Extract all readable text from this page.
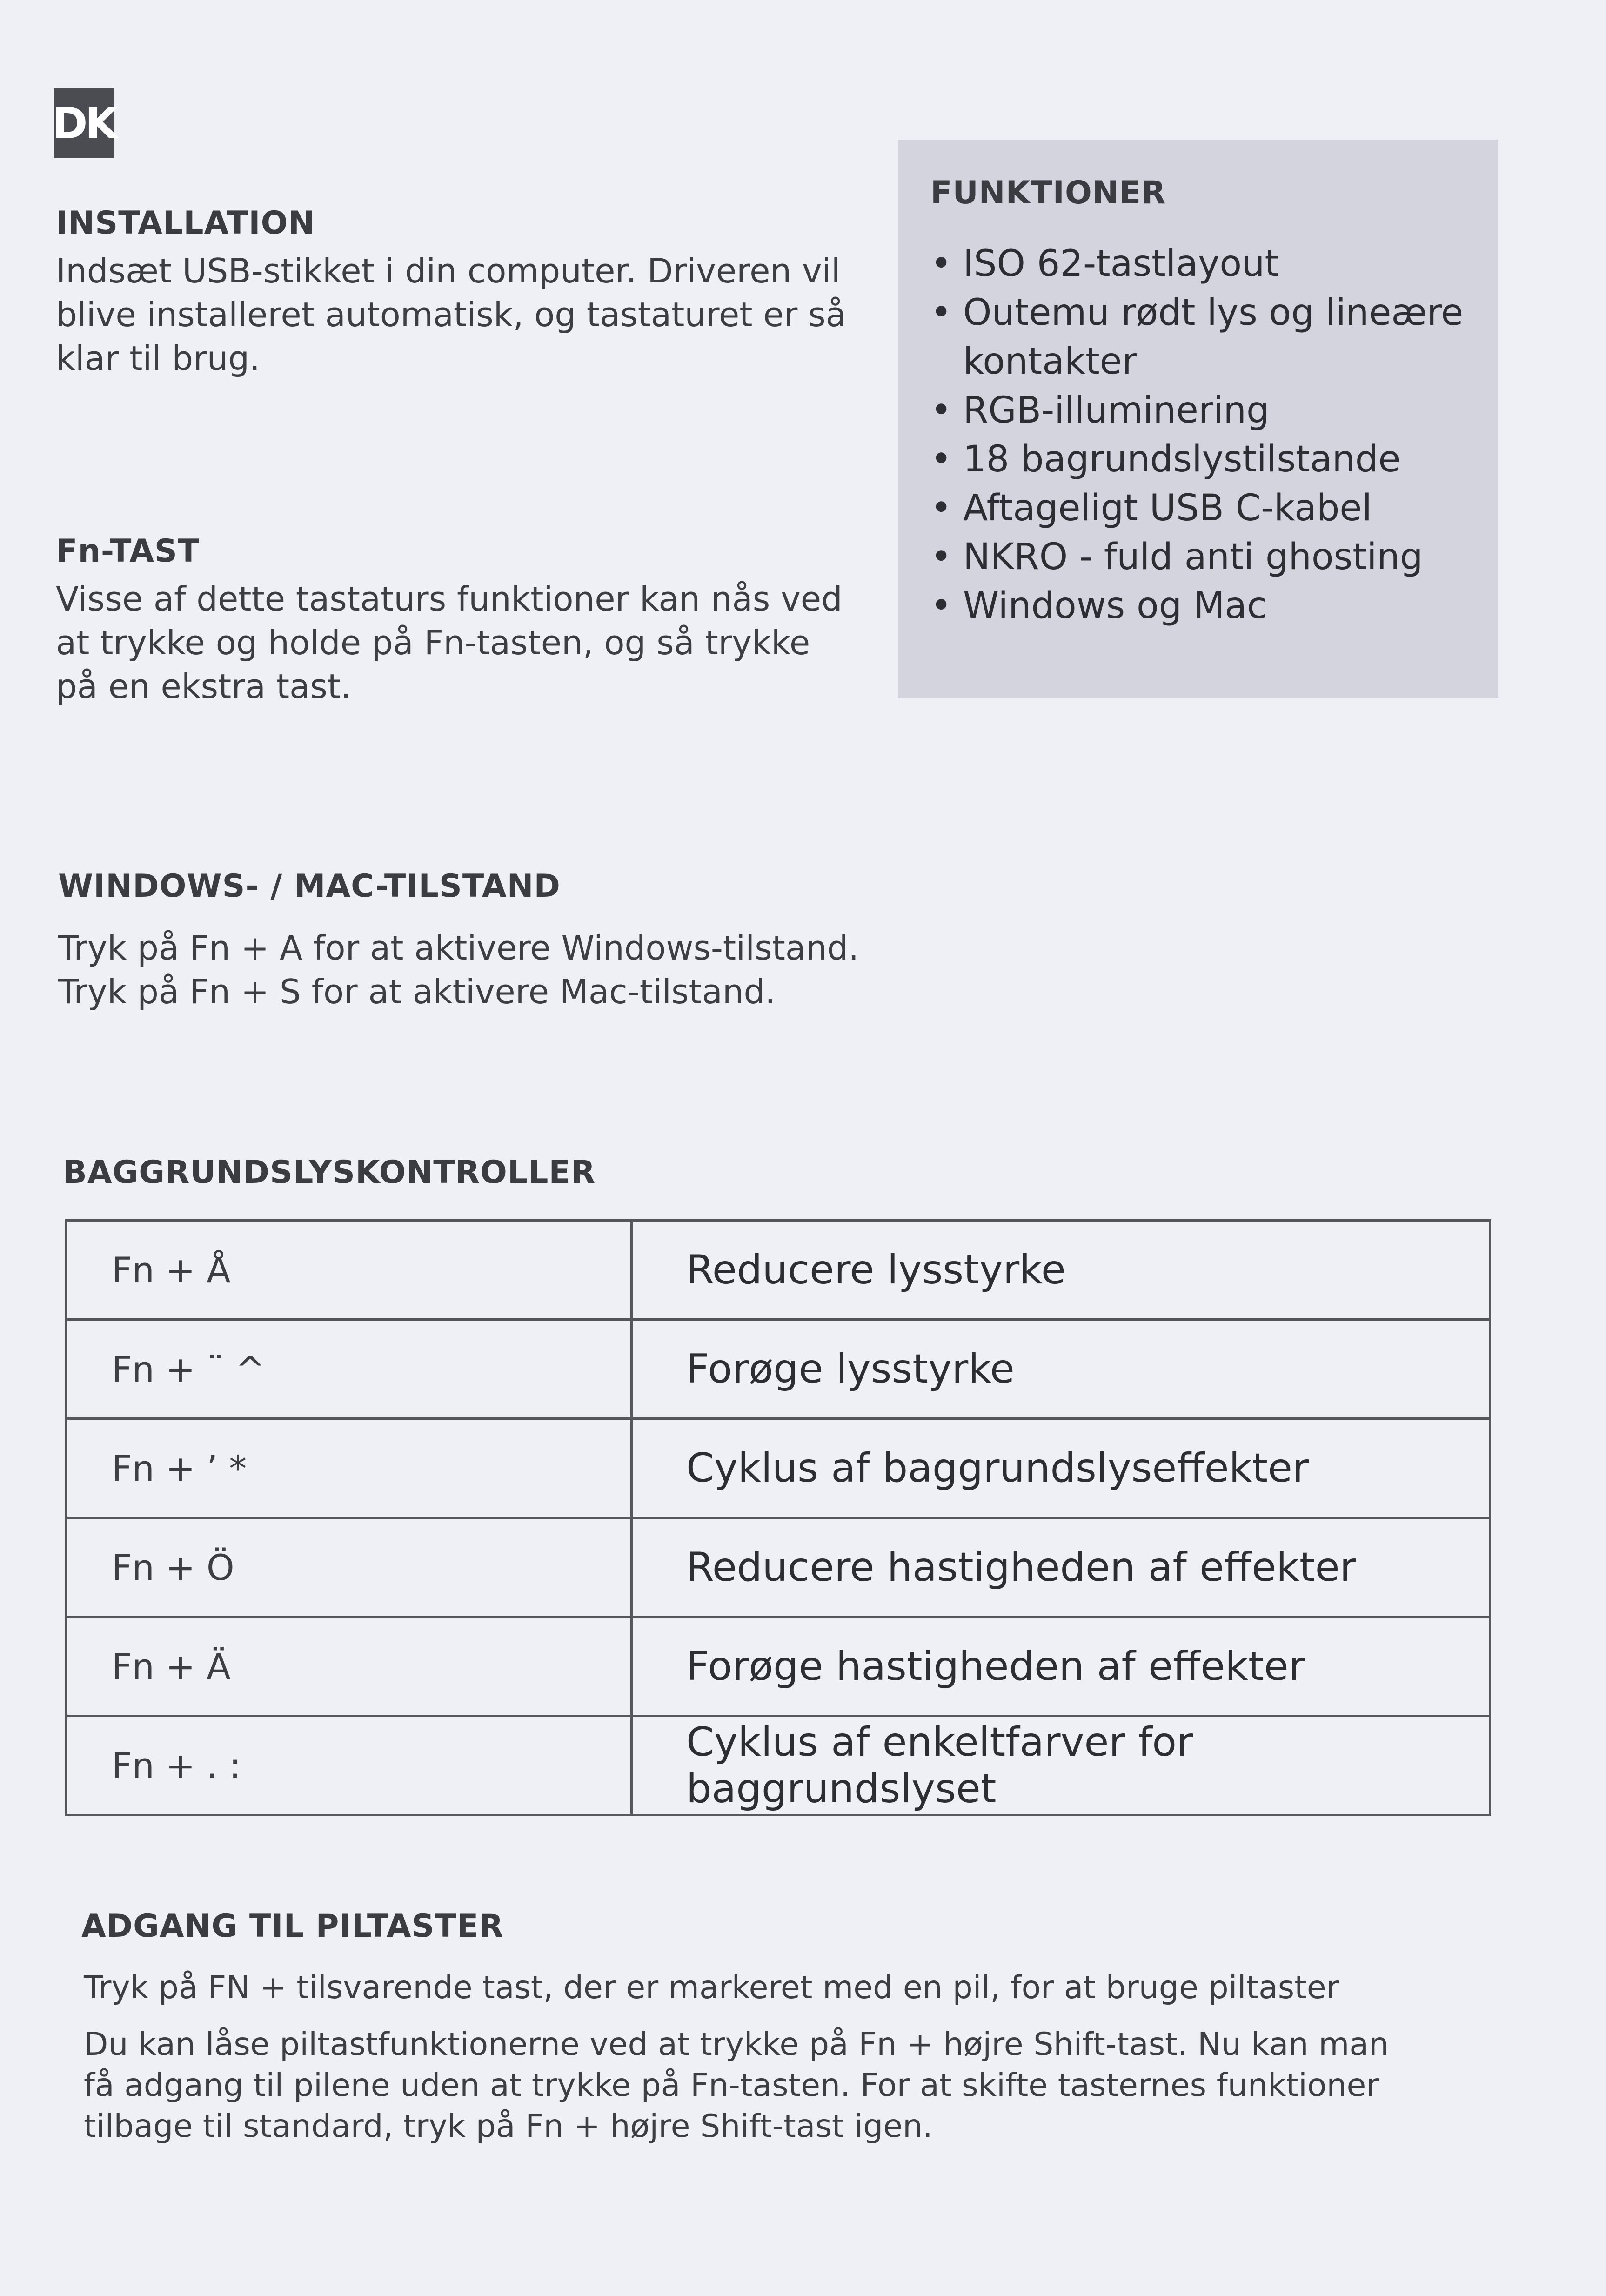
DK
INSTALLATION
Indsæt USB-stikket i din computer. Driveren vil
blive installeret automatisk, og tastaturet er så
klar til brug.
Fn-TAST
Visse af dette tastaturs funktioner kan nås ved
at trykke og holde på Fn-tasten, og så trykke
på en ekstra tast.
FUNKTIONER
• ISO 62-tastlayout
• Outemu rødt lys og lineære kontakter
• RGB-illuminering
• 18 bagrundslystilstande
• Aftageligt USB C-kabel
• NKRO - fuld anti ghosting
• Windows og Mac
WINDOWS- / MAC-TILSTAND
Tryk på Fn + A for at aktivere Windows-tilstand.
Tryk på Fn + S for at aktivere Mac-tilstand.
BAGGRUNDSLYSKONTROLLER
Fn + Å	Reducere lysstyrke
Fn + ¨ ^	Forøge lysstyrke
Fn + ’ *	Cyklus af baggrundslyseffekter
Fn + Ö	Reducere hastigheden af effekter
Fn + Ä	Forøge hastigheden af effekter
Fn + . :	Cyklus af enkeltfarver for baggrundslyset
ADGANG TIL PILTASTER
Tryk på FN + tilsvarende tast, der er markeret med en pil, for at bruge piltaster
Du kan låse piltastfunktionerne ved at trykke på Fn + højre Shift-tast. Nu kan man
få adgang til pilene uden at trykke på Fn-tasten. For at skifte tasternes funktioner
tilbage til standard, tryk på Fn + højre Shift-tast igen.
